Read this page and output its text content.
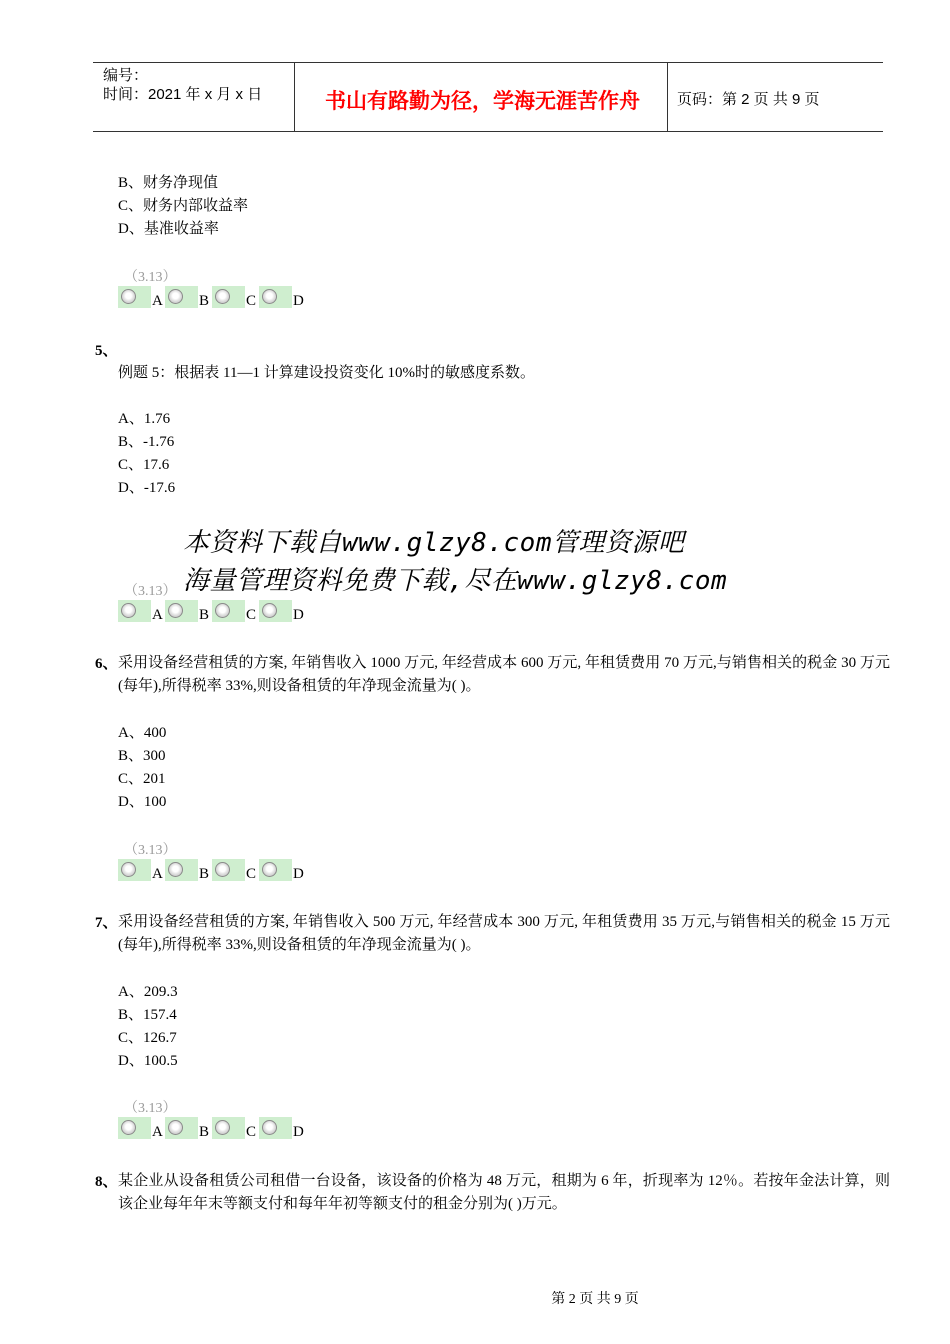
编号：
时间：2021 年 x 月 x 日	书山有路勤为径，学海无涯苦作舟	页码：第 2 页 共 9 页
B、财务净现值
C、财务内部收益率
D、基准收益率
（3.13）
A B C D
5、
例题 5：根据表 11—1 计算建设投资变化 10%时的敏感度系数。
A、1.76
B、-1.76
C、17.6
D、-17.6
本资料下载自www.glzy8.com管理资源吧
海量管理资料免费下载,尽在www.glzy8.com
（3.13）
A B C D
6、 采用设备经营租赁的方案, 年销售收入 1000 万元, 年经营成本 600 万元, 年租赁费用 70 万元,与销售相关的税金 30 万元(每年),所得税率 33%,则设备租赁的年净现金流量为( )。
A、400
B、300
C、201
D、100
（3.13）
A B C D
7、 采用设备经营租赁的方案, 年销售收入 500 万元, 年经营成本 300 万元, 年租赁费用 35 万元,与销售相关的税金 15 万元(每年),所得税率 33%,则设备租赁的年净现金流量为( )。
A、209.3
B、157.4
C、126.7
D、100.5
（3.13）
A B C D
8、 某企业从设备租赁公司租借一台设备，该设备的价格为 48 万元，租期为 6 年，折现率为 12％。若按年金法计算，则该企业每年年末等额支付和每年年初等额支付的租金分别为( )万元。
第 2 页 共 9 页
